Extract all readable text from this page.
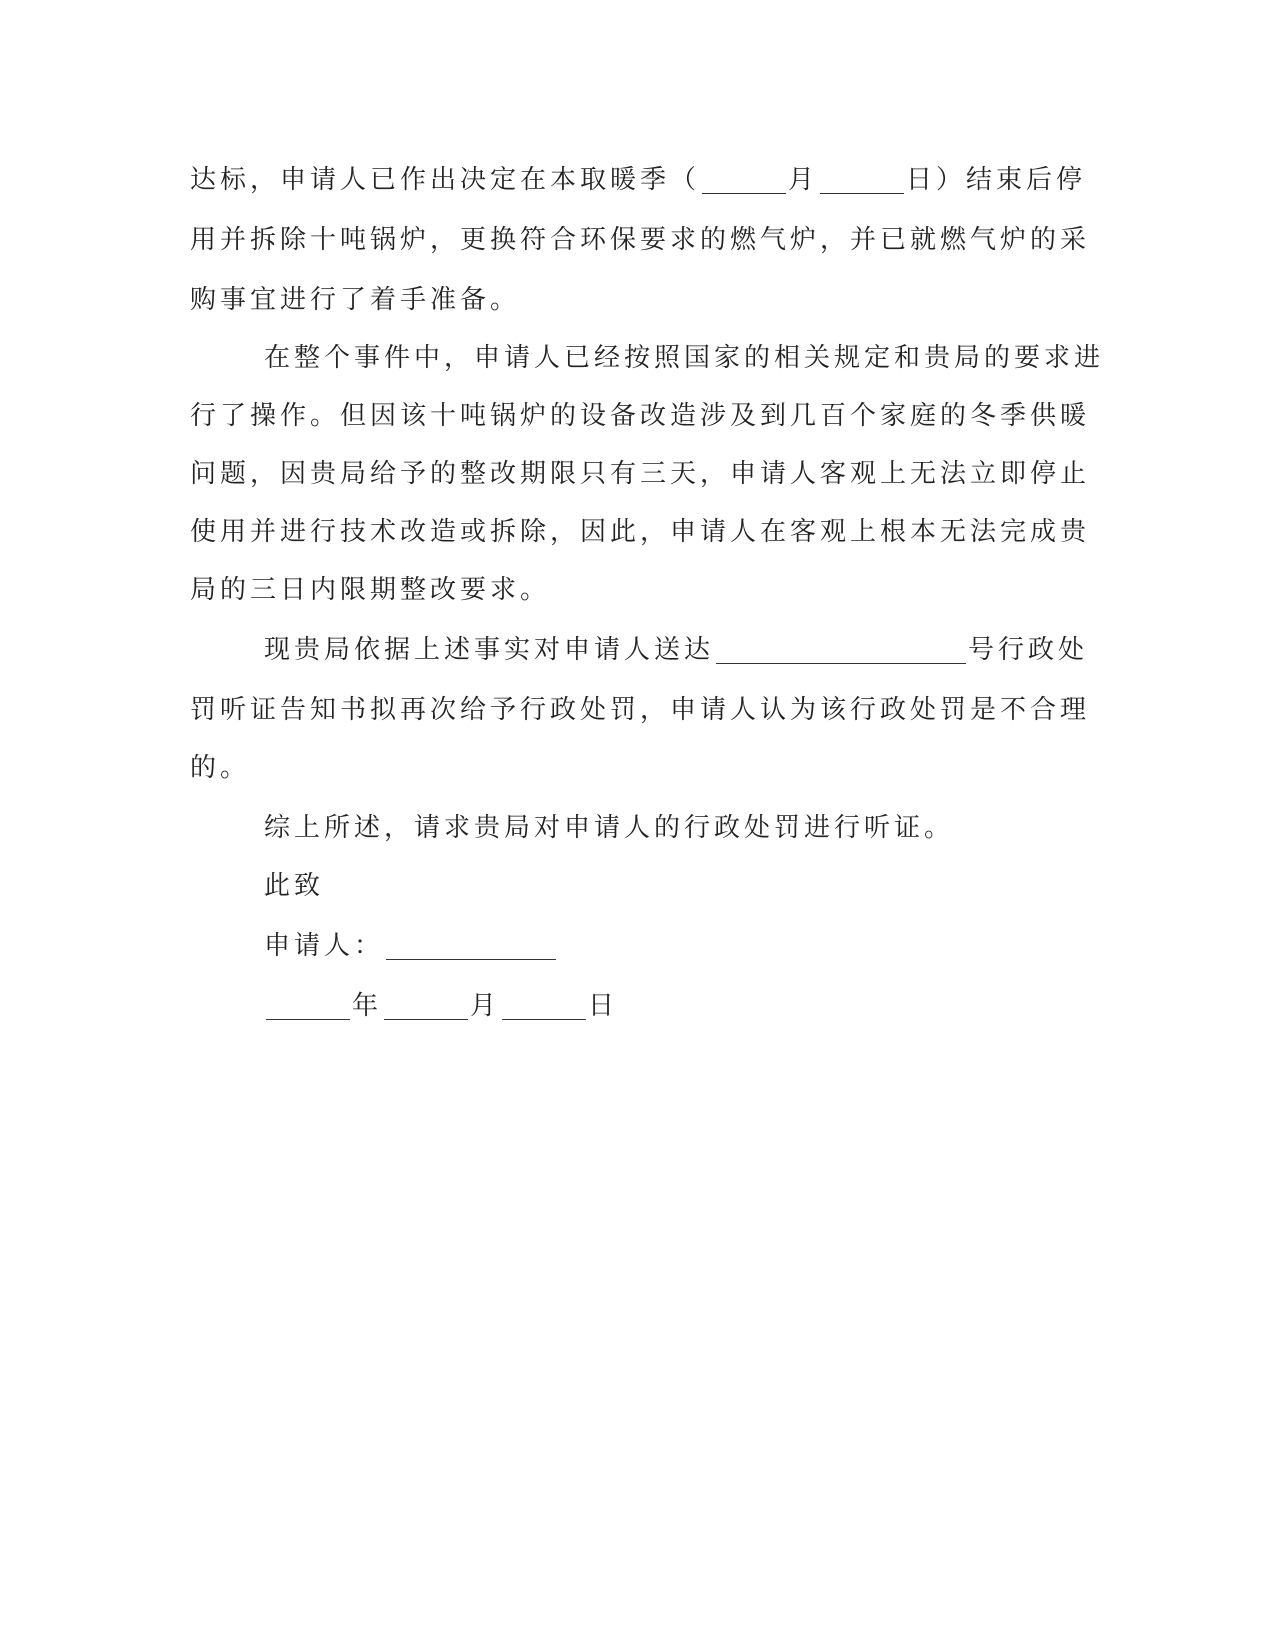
达标，申请人已作出决定在本取暖季（	月	日）结束后停
用并拆除十吨锅炉，更换符合环保要求的燃气炉，并已就燃气炉的采
购事宜进行了着手准备。
在整个事件中，申请人已经按照国家的相关规定和贵局的要求进
行了操作。但因该十吨锅炉的设备改造涉及到几百个家庭的冬季供暖
问题，因贵局给予的整改期限只有三天，申请人客观上无法立即停止
使用并进行技术改造或拆除，因此，申请人在客观上根本无法完成贵
局的三日内限期整改要求。
现贵局依据上述事实对申请人送达	号行政处
罚听证告知书拟再次给予行政处罚，申请人认为该行政处罚是不合理
的。
综上所述，请求贵局对申请人的行政处罚进行听证。
此致
申请人：
年	月	日
